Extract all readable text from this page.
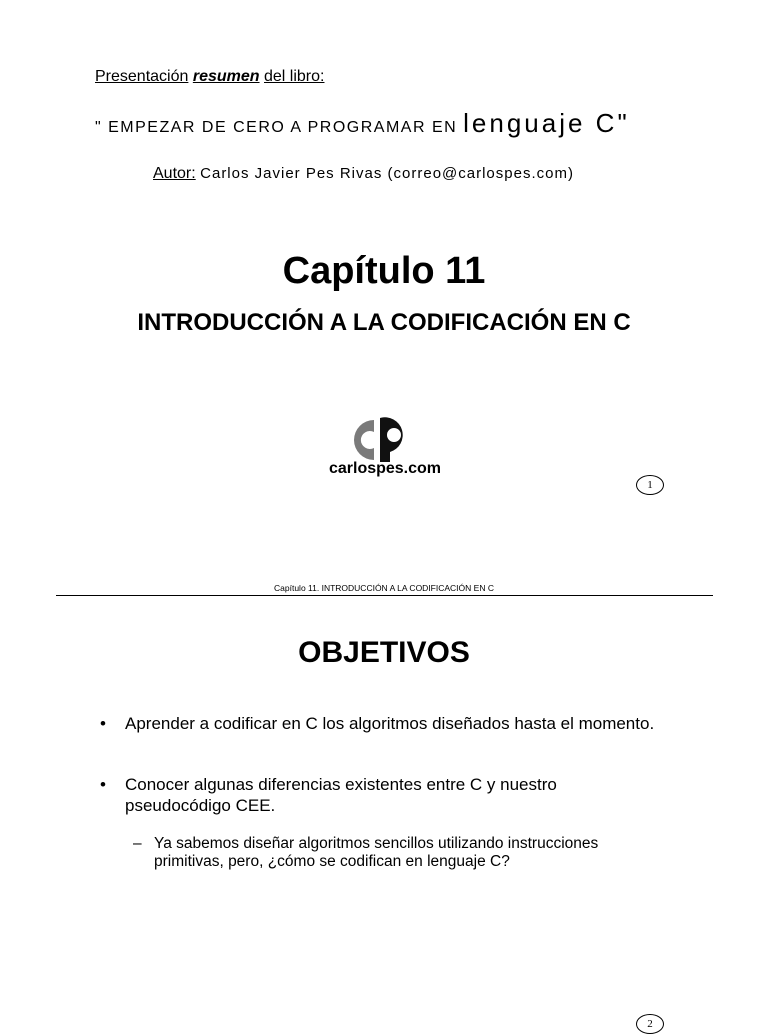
Presentación resumen del libro:
" EMPEZAR DE CERO A PROGRAMAR EN lenguaje C"
Autor: Carlos Javier Pes Rivas (correo@carlospes.com)
Capítulo 11
INTRODUCCIÓN A LA CODIFICACIÓN EN C
carlospes.com
1
Capítulo 11. INTRODUCCIÓN A LA CODIFICACIÓN EN C
OBJETIVOS
• Aprender a codificar en C los algoritmos diseñados hasta el momento.
• Conocer algunas diferencias existentes entre C y nuestro pseudocódigo CEE.
– Ya sabemos diseñar algoritmos sencillos utilizando instrucciones primitivas, pero, ¿cómo se codifican en lenguaje C?
2
